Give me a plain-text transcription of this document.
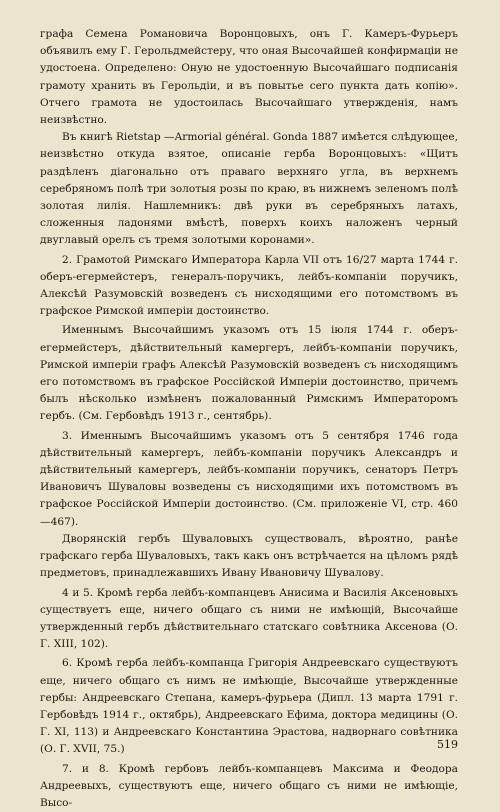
графа Семена Романовича Воронцовыхъ, онъ Г. Камеръ-Фурьеръ объявилъ ему Г. Герольдмейстеру, что оная Высочайшей конфирмаціи не удостоена. Определено: Оную не удостоенную Высочайшаго подписанія грамоту хранить въ Герольдіи, и въ повытье сего пункта дать копію». Отчего грамота не удостоилась Высочайшаго утвержденія, намъ неизвѣстно.

Въ книгѣ Rietstap —Armorial général. Gonda 1887 имѣется слѣдующее, неизвѣстно откуда взятое, описаніе герба Воронцовыхъ: «Щитъ раздѣленъ діагонально отъ праваго верхняго угла, въ верхнемъ серебряномъ полѣ три золотыя розы по краю, въ нижнемъ зеленомъ полѣ золотая лилія. Нашлемникъ: двѣ руки въ серебряныхъ латахъ, сложенныя ладонями вмѣстѣ, поверхъ коихъ наложенъ черный двуглавый орелъ съ тремя золотыми коронами».

2. Грамотой Римскаго Императора Карла VII отъ 16/27 марта 1744 г. оберъ-егермейстеръ, генералъ-поручикъ, лейбъ-компаніи поручикъ, Алексѣй Разумовскій возведенъ съ нисходящими его потомствомъ въ графское Римской имперіи достоинство.

Именнымъ Высочайшимъ указомъ отъ 15 іюля 1744 г. оберъ-егермейстеръ, дѣйствительный камергеръ, лейбъ-компаніи поручикъ, Римской имперіи графъ Алексѣй Разумовскій возведенъ съ нисходящимъ его потомствомъ въ графское Россійской Имперіи достоинство, причемъ былъ нѣсколько измѣненъ пожалованный Римскимъ Императоромъ гербъ. (См. Гербовѣдъ 1913 г., сентябрь).

3. Именнымъ Высочайшимъ указомъ отъ 5 сентября 1746 года дѣйствительный камергеръ, лейбъ-компаніи поручикъ Александръ и дѣйствительный камергеръ, лейбъ-компаніи поручикъ, сенаторъ Петръ Ивановичъ Шуваловы возведены съ нисходящими ихъ потомствомъ въ графское Россійской Имперіи достоинство. (См. приложеніе VI, стр. 460—467).

Дворянскій гербъ Шуваловыхъ существовалъ, вѣроятно, ранѣе графскаго герба Шуваловыхъ, такъ какъ онъ встрѣчается на цѣломъ рядѣ предметовъ, принадлежавшихъ Ивану Ивановичу Шувалову.

4 и 5. Кромѣ герба лейбъ-компанцевъ Анисима и Василія Аксеновыхъ существуетъ еще, ничего общаго съ ними не имѣющій, Высочайше утвержденный гербъ дѣйствительнаго статскаго совѣтника Аксенова (О. Г. XIII, 102).

6. Кромѣ герба лейбъ-компанца Григорія Андреевскаго существуютъ еще, ничего общаго съ нимъ не имѣющіе, Высочайше утвержденные гербы: Андреевскаго Степана, камеръ-фурьера (Дипл. 13 марта 1791 г. Гербовѣдъ 1914 г., октябрь), Андреевскаго Ефима, доктора медицины (О. Г. XI, 113) и Андреевскаго Константина Эрастова, надворнаго совѣтника (О. Г. XVII, 75.)

7. и 8. Кромѣ гербовъ лейбъ-компанцевъ Максима и Феодора Андреевыхъ, существуютъ еще, ничего общаго съ ними не имѣющіе, Высо-

519
